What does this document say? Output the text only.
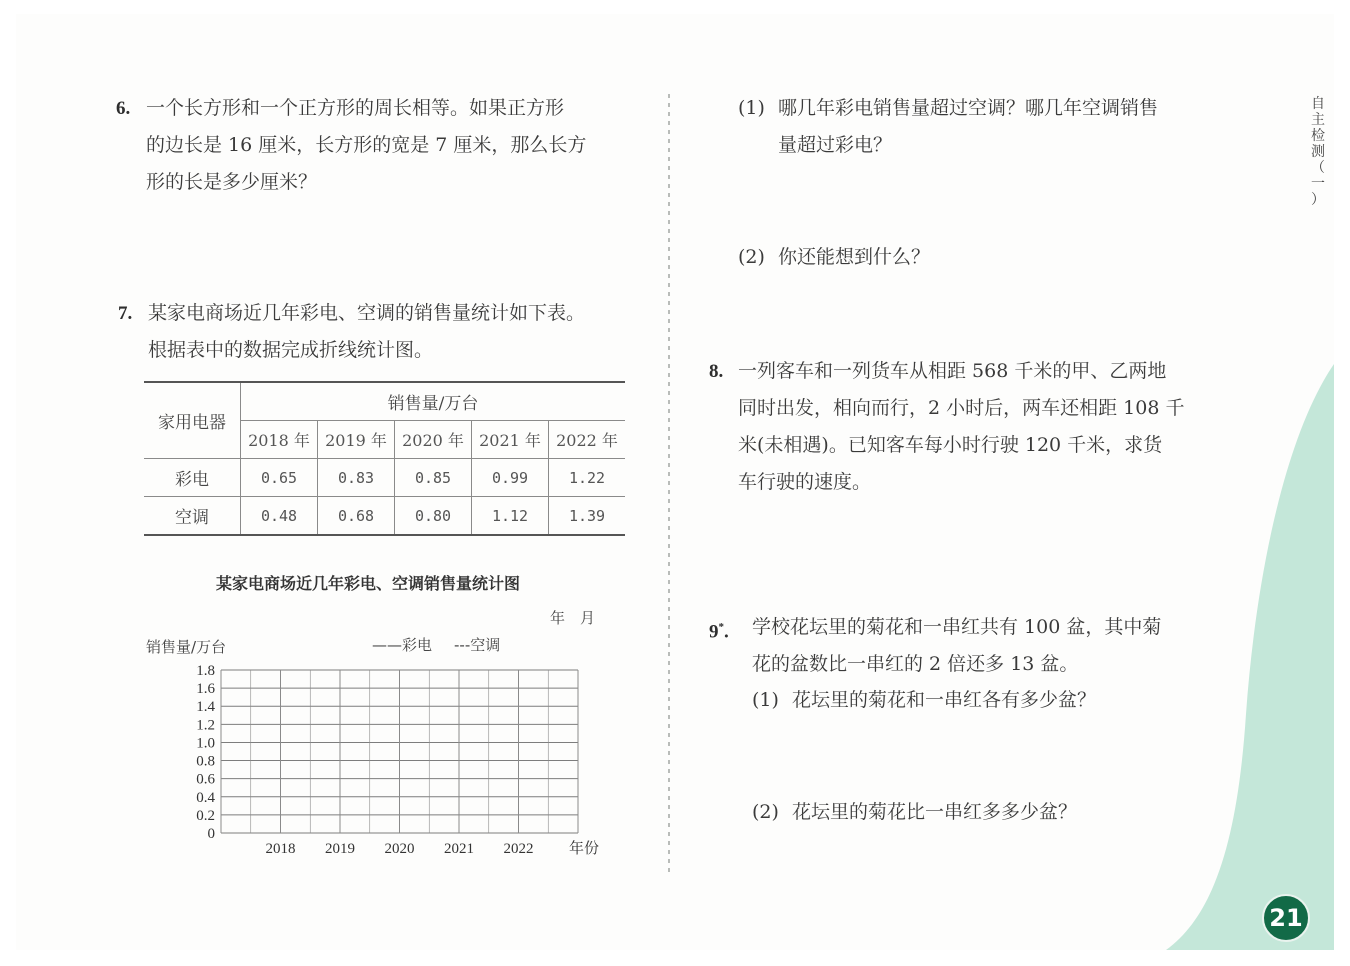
6. 一个长方形和一个正方形的周长相等。如果正方形
的边长是 16 厘米，长方形的宽是 7 厘米，那么长方
形的长是多少厘米？
7. 某家电商场近几年彩电、空调的销售量统计如下表。
根据表中的数据完成折线统计图。
家用电器	销售量/万台				
	2018 年	2019 年	2020 年	2021 年	2022 年
彩电	0.65	0.83	0.85	0.99	1.22
空调	0.48	0.68	0.80	1.12	1.39
某家电商场近几年彩电、空调销售量统计图
年　月
销售量/万台	——彩电 ---空调
1.8
1.6
1.4
1.2
1.0
0.8
0.6
0.4
0.2
0
2018 2019 2020 2021 2022 年份
(1) 哪几年彩电销售量超过空调？哪几年空调销售
量超过彩电？
(2) 你还能想到什么？
8. 一列客车和一列货车从相距 568 千米的甲、乙两地
同时出发，相向而行，2 小时后，两车还相距 108 千
米(未相遇)。已知客车每小时行驶 120 千米，求货
车行驶的速度。
9*. 学校花坛里的菊花和一串红共有 100 盆，其中菊
花的盆数比一串红的 2 倍还多 13 盆。
(1) 花坛里的菊花和一串红各有多少盆？
(2) 花坛里的菊花比一串红多多少盆？
自
主
检
测
（
一
）
21
